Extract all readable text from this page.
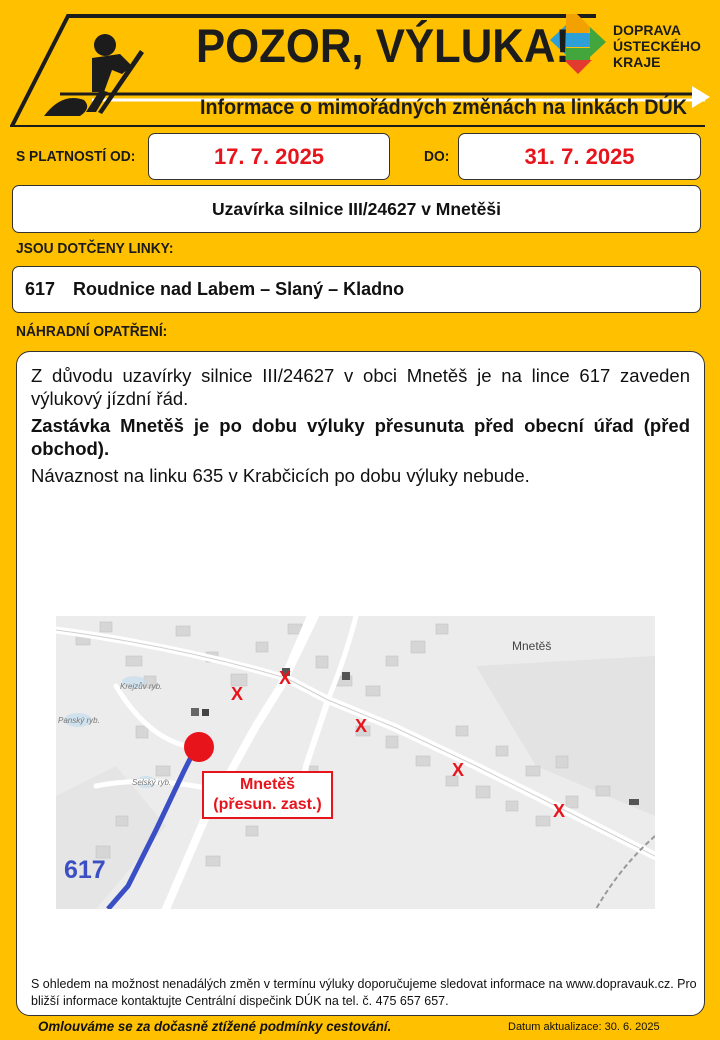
POZOR, VÝLUKA!
Informace o mimořádných změnách na linkách DÚK
DOPRAVA
ÚSTECKÉHO
KRAJE
S PLATNOSTÍ OD:	17. 7. 2025	DO:	31. 7. 2025
Uzavírka silnice III/24627 v Mnetěši
JSOU DOTČENY LINKY:
617 Roudnice nad Labem – Slaný – Kladno
NÁHRADNÍ OPATŘENÍ:
Z důvodu uzavírky silnice III/24627 v obci Mnetěš je na lince 617 zaveden výlukový jízdní řád.
Zastávka Mnetěš je po dobu výluky přesunuta před obecní úřad (před obchod).
Návaznost na linku 635 v Krabčicích po dobu výluky nebude.
Mnetěš
Krejzův ryb.
Panský ryb.
Selský ryb.
X
X
X
X
X
Mnetěš
(přesun. zast.)
617
S ohledem na možnost nenadálých změn v termínu výluky doporučujeme sledovat informace na www.dopravauk.cz. Pro bližší informace kontaktujte Centrální dispečink DÚK na tel. č. 475 657 657.
Omlouváme se za dočasně ztížené podmínky cestování.	Datum aktualizace: 30. 6. 2025
